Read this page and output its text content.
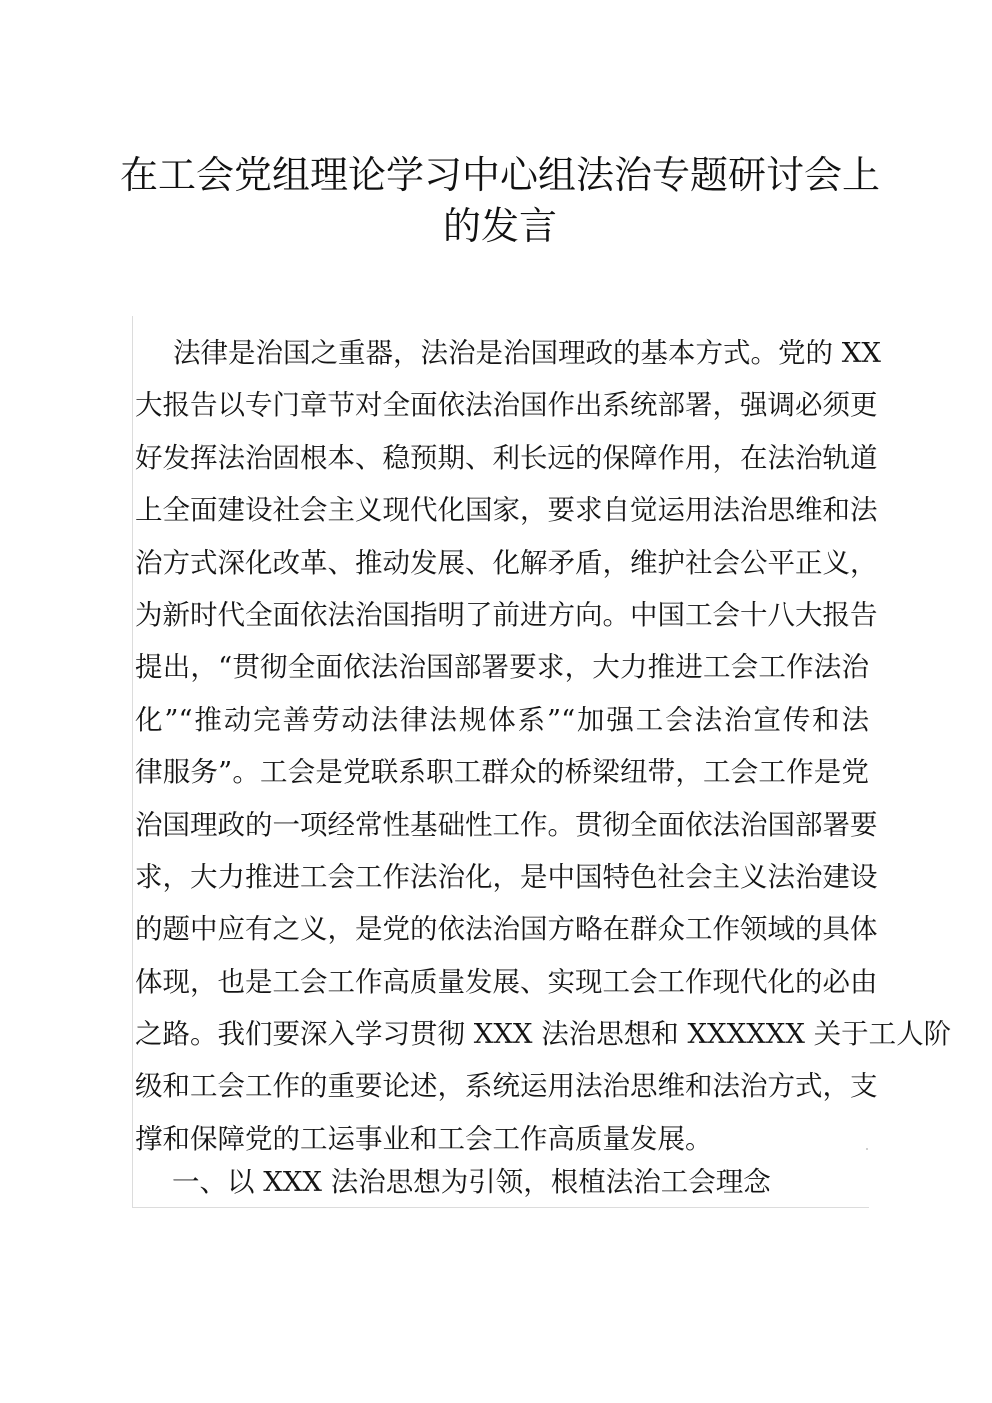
在工会党组理论学习中心组法治专题研讨会上
的发言
法律是治国之重器，法治是治国理政的基本方式。党的 XX
大报告以专门章节对全面依法治国作出系统部署，强调必须更
好发挥法治固根本、稳预期、利长远的保障作用，在法治轨道
上全面建设社会主义现代化国家，要求自觉运用法治思维和法
治方式深化改革、推动发展、化解矛盾，维护社会公平正义，
为新时代全面依法治国指明了前进方向。中国工会十八大报告
提出，“贯彻全面依法治国部署要求，大力推进工会工作法治
化”“推动完善劳动法律法规体系”“加强工会法治宣传和法
律服务”。工会是党联系职工群众的桥梁纽带，工会工作是党
治国理政的一项经常性基础性工作。贯彻全面依法治国部署要
求，大力推进工会工作法治化，是中国特色社会主义法治建设
的题中应有之义，是党的依法治国方略在群众工作领域的具体
体现，也是工会工作高质量发展、实现工会工作现代化的必由
之路。我们要深入学习贯彻 XXX 法治思想和 XXXXXX 关于工人阶
级和工会工作的重要论述，系统运用法治思维和法治方式，支
撑和保障党的工运事业和工会工作高质量发展。
一、以 XXX 法治思想为引领，根植法治工会理念
